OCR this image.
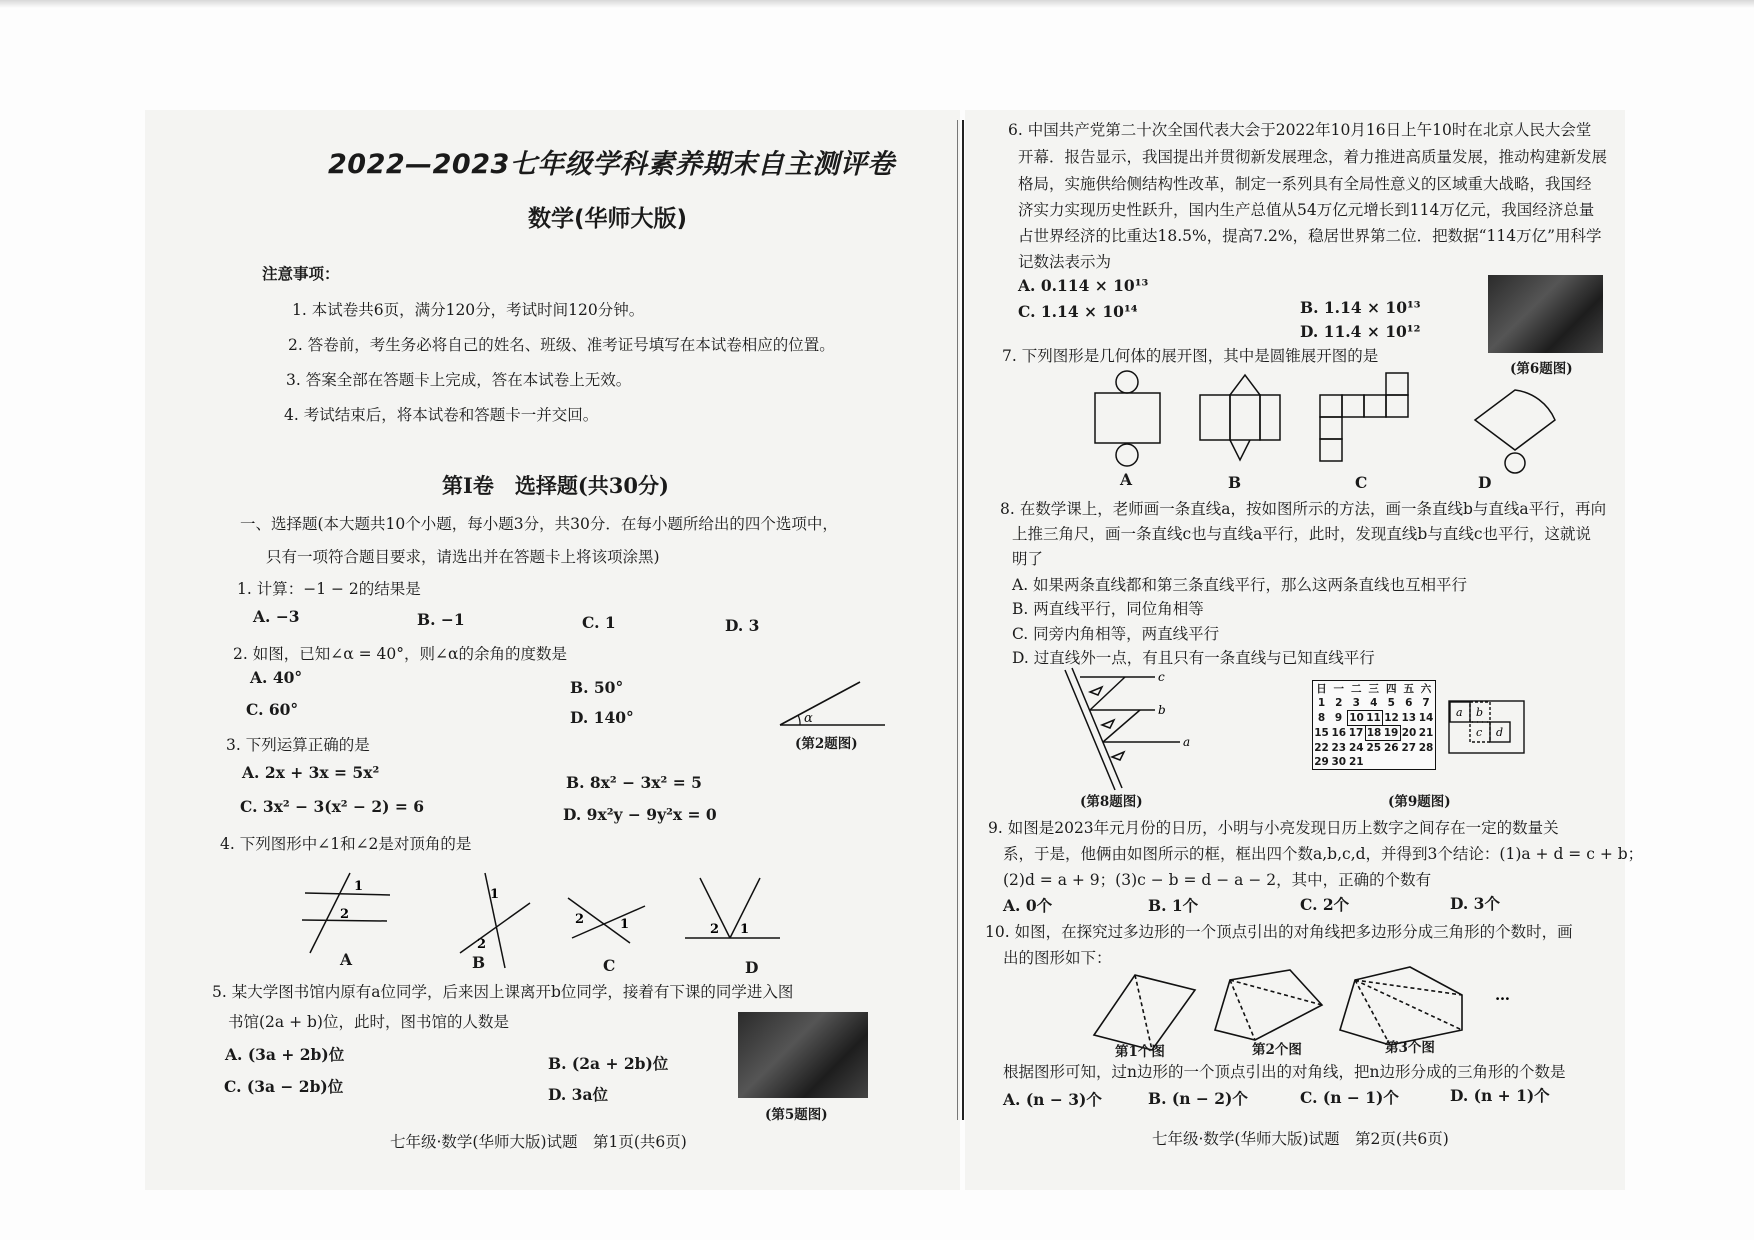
2022—2023七年级学科素养期末自主测评卷
数学(华师大版)
注意事项：
1. 本试卷共6页，满分120分，考试时间120分钟。
2. 答卷前，考生务必将自己的姓名、班级、准考证号填写在本试卷相应的位置。
3. 答案全部在答题卡上完成，答在本试卷上无效。
4. 考试结束后，将本试卷和答题卡一并交回。
第Ⅰ卷　选择题(共30分)
一、选择题(本大题共10个小题，每小题3分，共30分．在每小题所给出的四个选项中，
只有一项符合题目要求，请选出并在答题卡上将该项涂黑)
1. 计算：−1 − 2的结果是
A. −3	B. −1	C. 1	D. 3
2. 如图，已知∠α = 40°，则∠α的余角的度数是
A. 40°
B. 50°
C. 60°	D. 140°	α
(第2题图)
3. 下列运算正确的是
A. 2x + 3x = 5x²
B. 8x² − 3x² = 5
C. 3x² − 3(x² − 2) = 6	D. 9x²y − 9y²x = 0
4. 下列图形中∠1和∠2是对顶角的是
1
2
1
2
2	1	2 1
A	B	C	D
5. 某大学图书馆内原有a位同学，后来因上课离开b位同学，接着有下课的同学进入图
书馆(2a + b)位，此时，图书馆的人数是
A. (3a + 2b)位	B. (2a + 2b)位
C. (3a − 2b)位	D. 3a位
(第5题图)
七年级·数学(华师大版)试题　第1页(共6页)
6. 中国共产党第二十次全国代表大会于2022年10月16日上午10时在北京人民大会堂
开幕．报告显示，我国提出并贯彻新发展理念，着力推进高质量发展，推动构建新发展
格局，实施供给侧结构性改革，制定一系列具有全局性意义的区域重大战略，我国经
济实力实现历史性跃升，国内生产总值从54万亿元增长到114万亿元，我国经济总量
占世界经济的比重达18.5%，提高7.2%，稳居世界第二位．把数据“114万亿”用科学
记数法表示为
A. 0.114 × 10¹³
B. 1.14 × 10¹³
C. 1.14 × 10¹⁴
D. 11.4 × 10¹²
(第6题图)
7. 下列图形是几何体的展开图，其中是圆锥展开图的是
A	B	C	D
8. 在数学课上，老师画一条直线a，按如图所示的方法，画一条直线b与直线a平行，再向
上推三角尺，画一条直线c也与直线a平行，此时，发现直线b与直线c也平行，这就说
明了
A. 如果两条直线都和第三条直线平行，那么这两条直线也互相平行
B. 两直线平行，同位角相等
C. 同旁内角相等，两直线平行
D. 过直线外一点，有且只有一条直线与已知直线平行
c
b
a
(第8题图)
日	一	二	三	四	五	六
1	2	3	4	5	6	7
8	9	10	11	12	13	14
15	16	17	18	19	20	21
22	23	24	25	26	27	28
29	30	21				
a b
c d
(第9题图)
9. 如图是2023年元月份的日历，小明与小亮发现日历上数字之间存在一定的数量关
系，于是，他俩由如图所示的框，框出四个数a,b,c,d，并得到3个结论：(1)a + d = c + b；
(2)d = a + 9；(3)c − b = d − a − 2，其中，正确的个数有
A. 0个	B. 1个	C. 2个	D. 3个
10. 如图，在探究过多边形的一个顶点引出的对角线把多边形分成三角形的个数时，画
出的图形如下：
…
第1个图	第2个图	第3个图
根据图形可知，过n边形的一个顶点引出的对角线，把n边形分成的三角形的个数是
A. (n − 3)个	B. (n − 2)个	C. (n − 1)个	D. (n + 1)个
七年级·数学(华师大版)试题　第2页(共6页)
